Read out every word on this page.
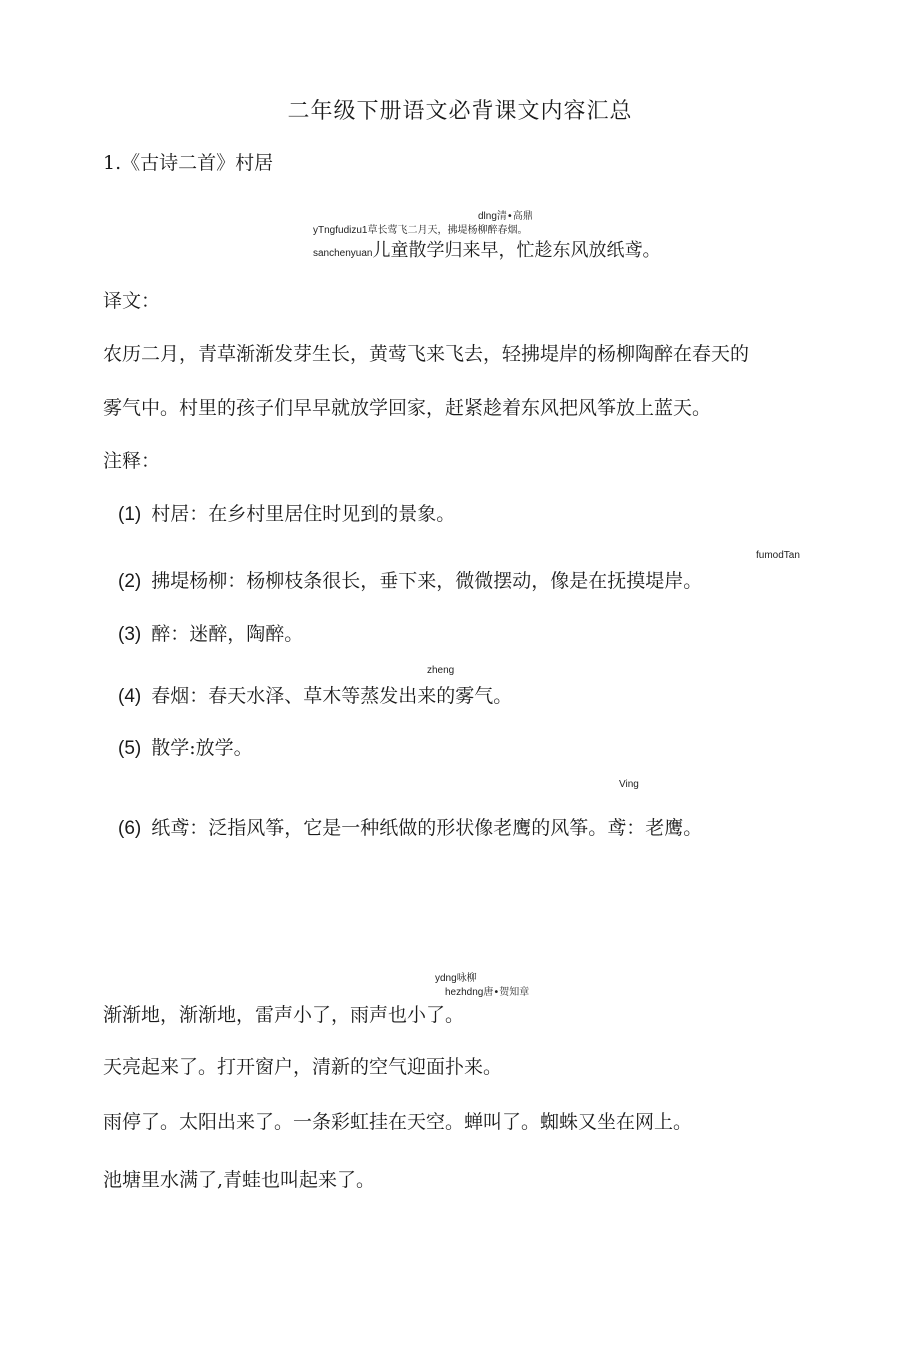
二年级下册语文必背课文内容汇总
1.《古诗二首》村居
dlng清•高鼎
yTngfudizu1草长莺飞二月天，拂堤杨柳醉春烟。
sanchenyuan儿童散学归来早，忙趁东风放纸鸢。
译文：
农历二月，青草渐渐发芽生长，黄莺飞来飞去，轻拂堤岸的杨柳陶醉在春天的
雾气中。村里的孩子们早早就放学回家，赶紧趁着东风把风筝放上蓝天。
注释：
(1) 村居：在乡村里居住时见到的景象。
fumodTan
(2) 拂堤杨柳：杨柳枝条很长，垂下来，微微摆动，像是在抚摸堤岸。
(3) 醉：迷醉，陶醉。
zheng
(4) 春烟：春天水泽、草木等蒸发出来的雾气。
(5) 散学:放学。
Ving
(6) 纸鸢：泛指风筝，它是一种纸做的形状像老鹰的风筝。鸢：老鹰。
ydng咏柳
hezhdng唐•贺知章
渐渐地，渐渐地，雷声小了，雨声也小了。
天亮起来了。打开窗户，清新的空气迎面扑来。
雨停了。太阳出来了。一条彩虹挂在天空。蝉叫了。蜘蛛又坐在网上。
池塘里水满了,青蛙也叫起来了。
